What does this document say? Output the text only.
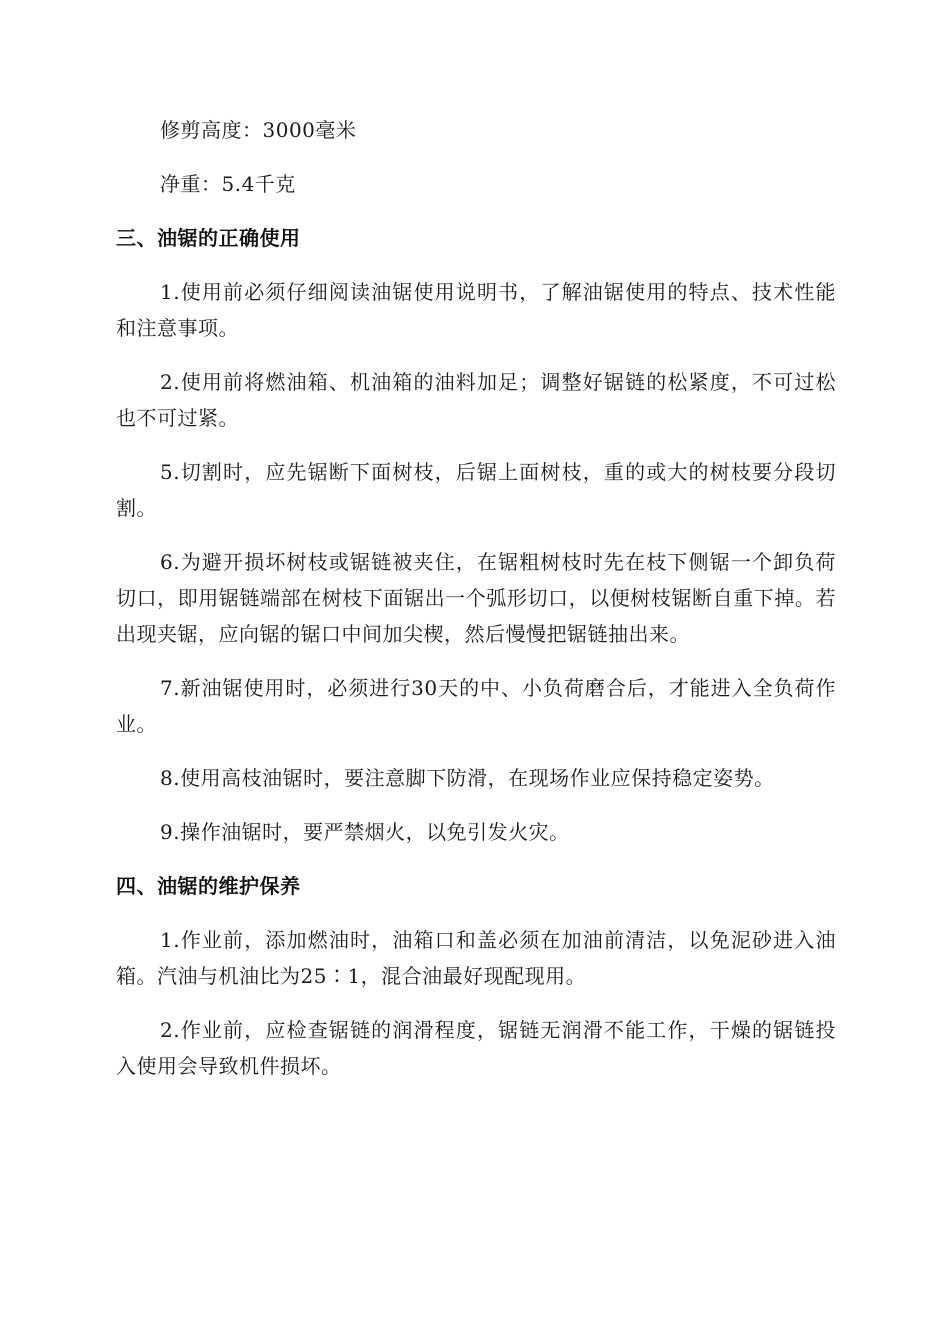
修剪高度：3000毫米

净重：5.4千克

三、油锯的正确使用

1.使用前必须仔细阅读油锯使用说明书，了解油锯使用的特点、技术性能和注意事项。

2.使用前将燃油箱、机油箱的油料加足；调整好锯链的松紧度，不可过松也不可过紧。

5.切割时，应先锯断下面树枝，后锯上面树枝，重的或大的树枝要分段切割。

6.为避开损坏树枝或锯链被夹住，在锯粗树枝时先在枝下侧锯一个卸负荷切口，即用锯链端部在树枝下面锯出一个弧形切口，以便树枝锯断自重下掉。若出现夹锯，应向锯的锯口中间加尖楔，然后慢慢把锯链抽出来。

7.新油锯使用时，必须进行30天的中、小负荷磨合后，才能进入全负荷作业。

8.使用高枝油锯时，要注意脚下防滑，在现场作业应保持稳定姿势。

9.操作油锯时，要严禁烟火，以免引发火灾。

四、油锯的维护保养

1.作业前，添加燃油时，油箱口和盖必须在加油前清洁，以免泥砂进入油箱。汽油与机油比为25∶1，混合油最好现配现用。

2.作业前，应检查锯链的润滑程度，锯链无润滑不能工作，干燥的锯链投入使用会导致机件损坏。
